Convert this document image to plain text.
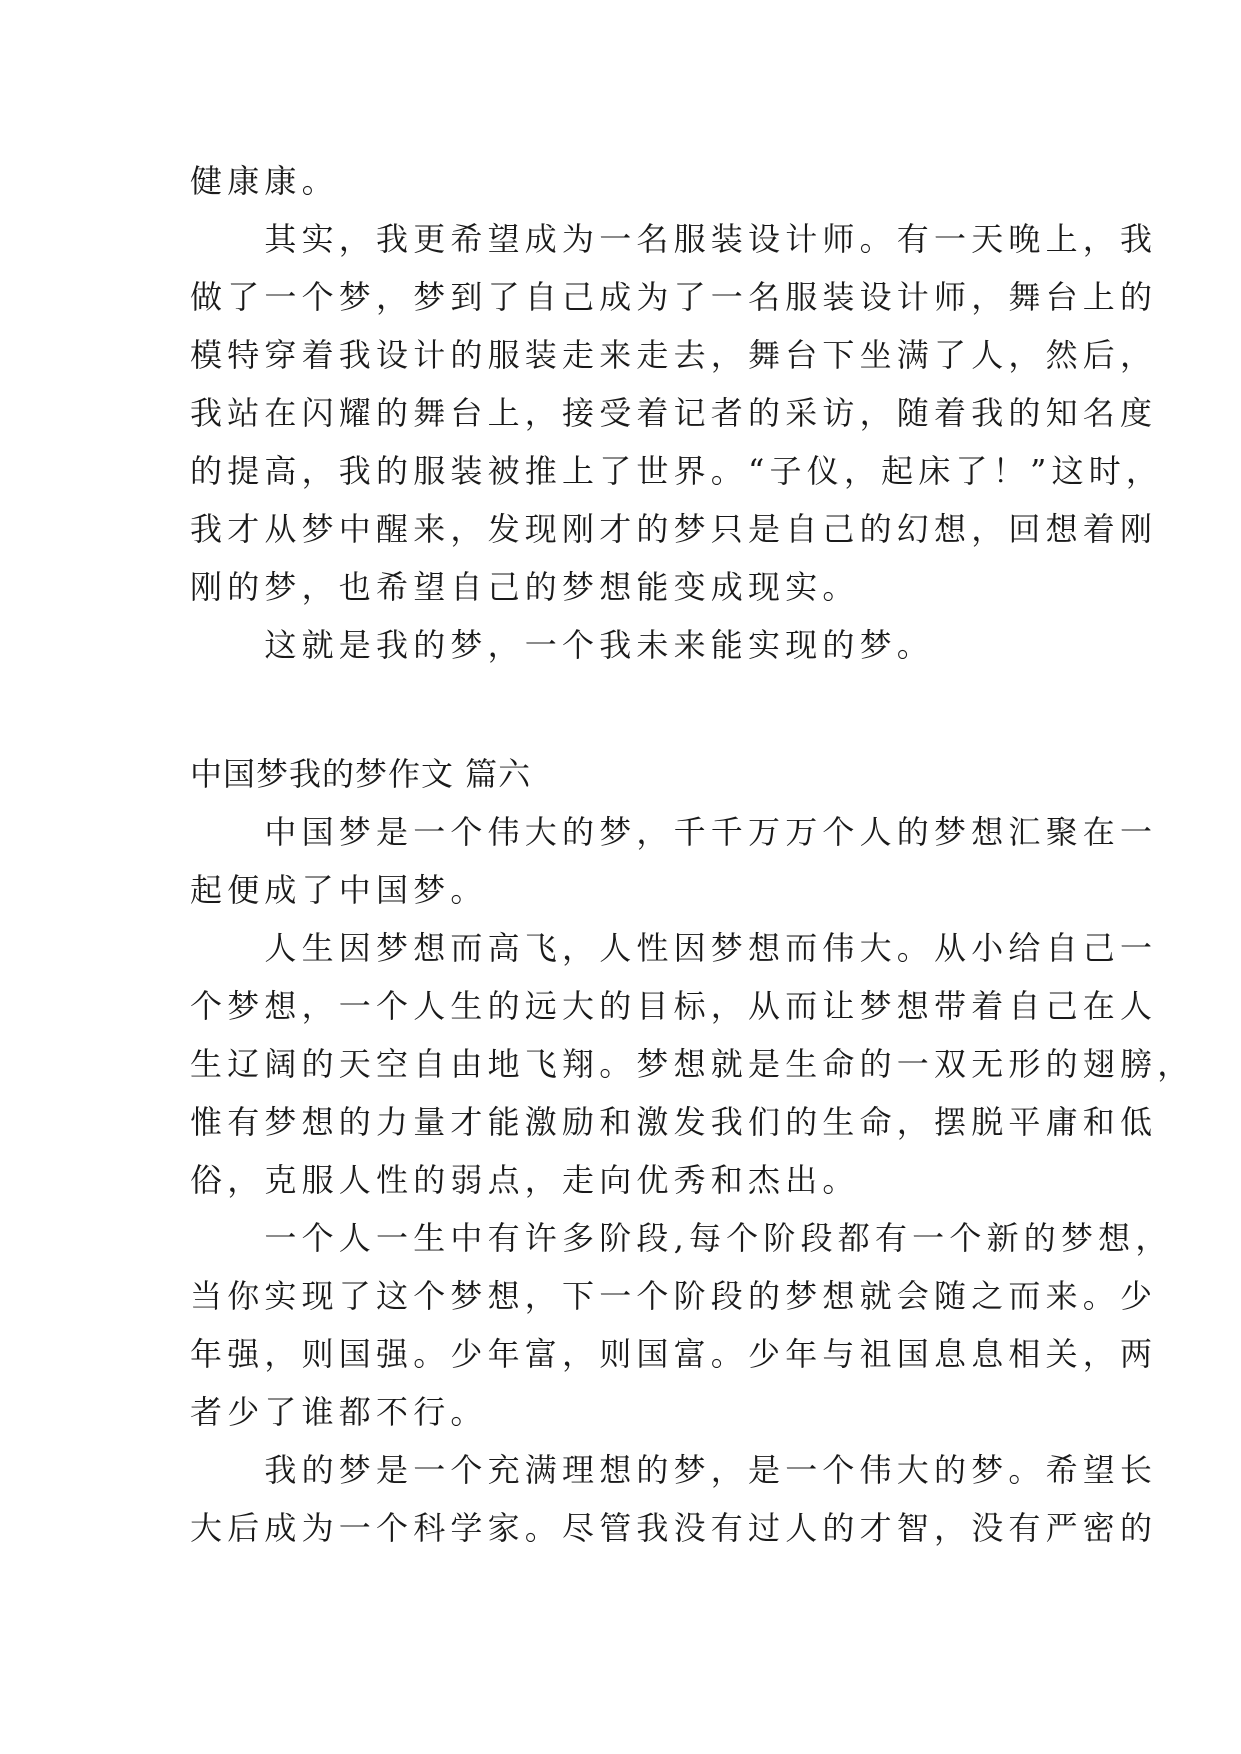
健康康。
　　其实，我更希望成为一名服装设计师。有一天晚上，我
做了一个梦，梦到了自己成为了一名服装设计师，舞台上的
模特穿着我设计的服装走来走去，舞台下坐满了人，然后，
我站在闪耀的舞台上，接受着记者的采访，随着我的知名度
的提高，我的服装被推上了世界。“子仪，起床了！”这时，
我才从梦中醒来，发现刚才的梦只是自己的幻想，回想着刚
刚的梦，也希望自己的梦想能变成现实。
　　这就是我的梦，一个我未来能实现的梦。
中国梦我的梦作文 篇六
　　中国梦是一个伟大的梦，千千万万个人的梦想汇聚在一
起便成了中国梦。
　　人生因梦想而高飞，人性因梦想而伟大。从小给自己一
个梦想，一个人生的远大的目标，从而让梦想带着自己在人
生辽阔的天空自由地飞翔。梦想就是生命的一双无形的翅膀，
惟有梦想的力量才能激励和激发我们的生命，摆脱平庸和低
俗，克服人性的弱点，走向优秀和杰出。
　　一个人一生中有许多阶段,每个阶段都有一个新的梦想，
当你实现了这个梦想，下一个阶段的梦想就会随之而来。少
年强，则国强。少年富，则国富。少年与祖国息息相关，两
者少了谁都不行。
　　我的梦是一个充满理想的梦，是一个伟大的梦。希望长
大后成为一个科学家。尽管我没有过人的才智，没有严密的
